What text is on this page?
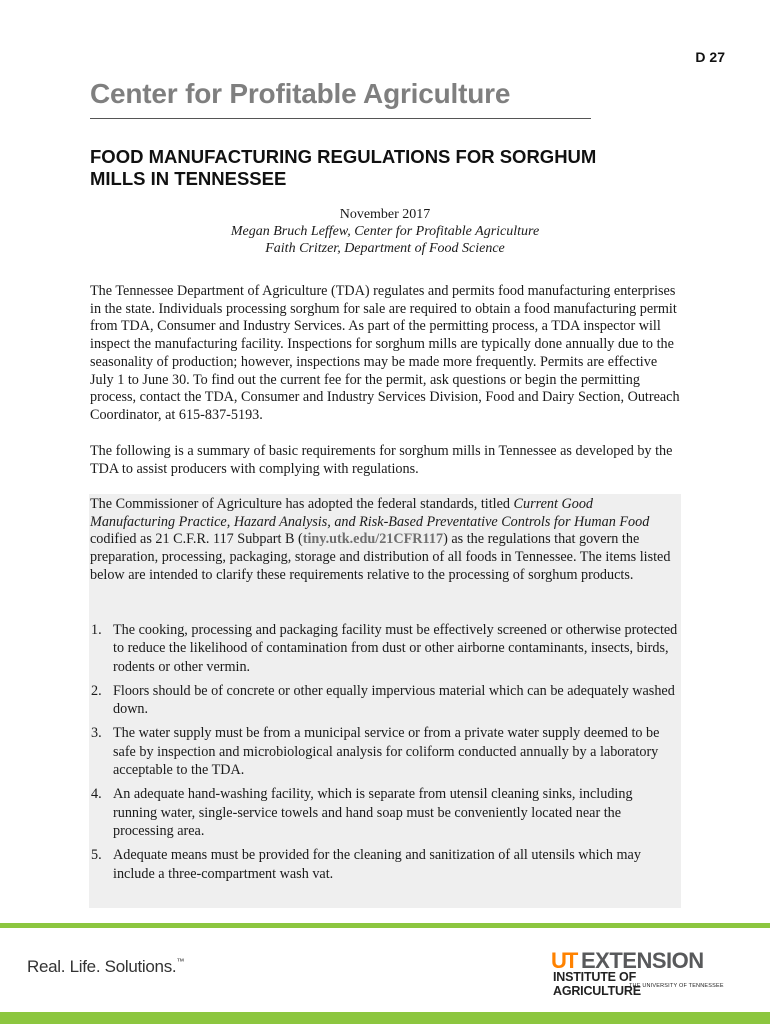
D 27
Center for Profitable Agriculture
FOOD MANUFACTURING REGULATIONS FOR SORGHUM
MILLS IN TENNESSEE
November 2017
Megan Bruch Leffew, Center for Profitable Agriculture
Faith Critzer, Department of Food Science

The Tennessee Department of Agriculture (TDA) regulates and permits food manufacturing enterprises in the state. Individuals processing sorghum for sale are required to obtain a food manufacturing permit from TDA, Consumer and Industry Services. As part of the permitting process, a TDA inspector will inspect the manufacturing facility. Inspections for sorghum mills are typically done annually due to the seasonality of production; however, inspections may be made more frequently. Permits are effective July 1 to June 30. To find out the current fee for the permit, ask questions or begin the permitting process, contact the TDA, Consumer and Industry Services Division, Food and Dairy Section, Outreach Coordinator, at 615-837-5193.

The following is a summary of basic requirements for sorghum mills in Tennessee as developed by the TDA to assist producers with complying with regulations.

The Commissioner of Agriculture has adopted the federal standards, titled Current Good Manufacturing Practice, Hazard Analysis, and Risk-Based Preventative Controls for Human Food codified as 21 C.F.R. 117 Subpart B (tiny.utk.edu/21CFR117) as the regulations that govern the preparation, processing, packaging, storage and distribution of all foods in Tennessee. The items listed below are intended to clarify these requirements relative to the processing of sorghum products.

1. The cooking, processing and packaging facility must be effectively screened or otherwise protected to reduce the likelihood of contamination from dust or other airborne contaminants, insects, birds, rodents or other vermin.
2. Floors should be of concrete or other equally impervious material which can be adequately washed down.
3. The water supply must be from a municipal service or from a private water supply deemed to be safe by inspection and microbiological analysis for coliform conducted annually by a laboratory acceptable to the TDA.
4. An adequate hand-washing facility, which is separate from utensil cleaning sinks, including running water, single-service towels and hand soap must be conveniently located near the processing area.
5. Adequate means must be provided for the cleaning and sanitization of all utensils which may include a three-compartment wash vat.
Real. Life. Solutions.™	UT EXTENSION
INSTITUTE OF AGRICULTURE
THE UNIVERSITY OF TENNESSEE
